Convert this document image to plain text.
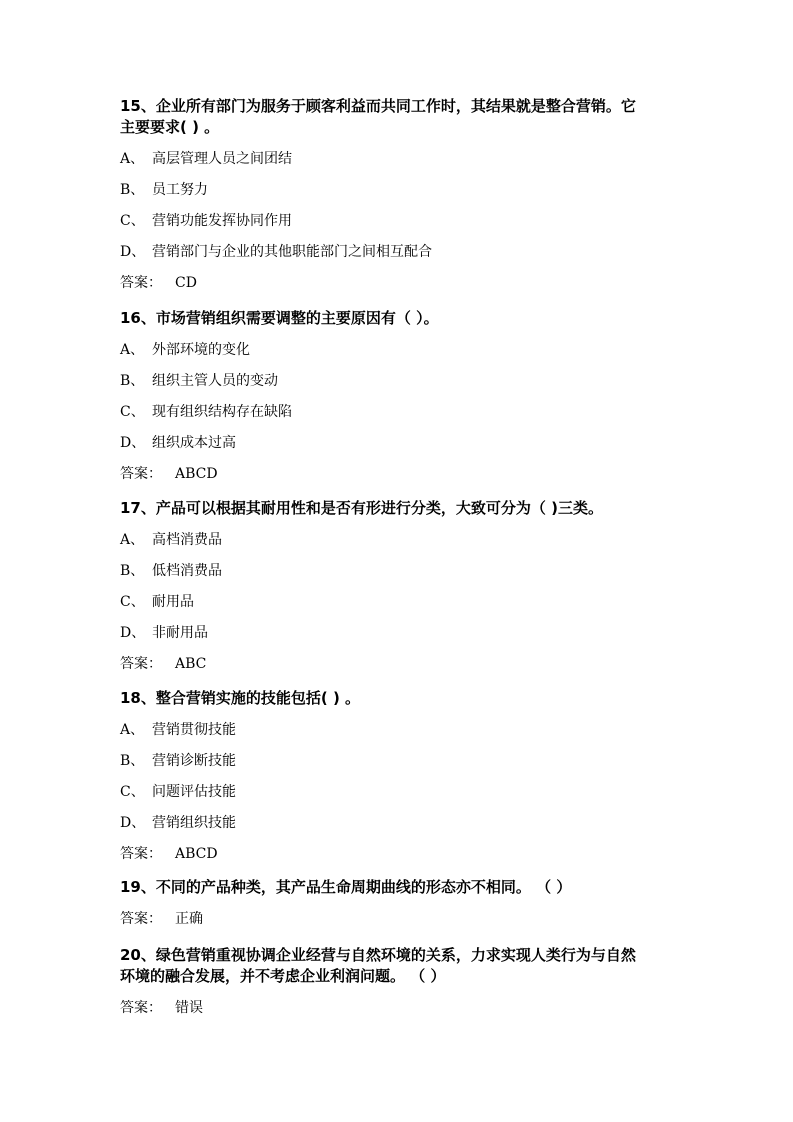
15、企业所有部门为服务于顾客利益而共同工作时，其结果就是整合营销。它
主要要求( ) 。
A、 高层管理人员之间团结
B、 员工努力
C、 营销功能发挥协同作用
D、 营销部门与企业的其他职能部门之间相互配合
答案： CD
16、市场营销组织需要调整的主要原因有（ ）。
A、 外部环境的变化
B、 组织主管人员的变动
C、 现有组织结构存在缺陷
D、 组织成本过高
答案： ABCD
17、产品可以根据其耐用性和是否有形进行分类，大致可分为（ )三类。
A、 高档消费品
B、 低档消费品
C、 耐用品
D、 非耐用品
答案： ABC
18、整合营销实施的技能包括( ) 。
A、 营销贯彻技能
B、 营销诊断技能
C、 问题评估技能
D、 营销组织技能
答案： ABCD
19、不同的产品种类，其产品生命周期曲线的形态亦不相同。 （ ）
答案： 正确
20、绿色营销重视协调企业经营与自然环境的关系，力求实现人类行为与自然
环境的融合发展，并不考虑企业利润问题。 （ ）
答案： 错误
